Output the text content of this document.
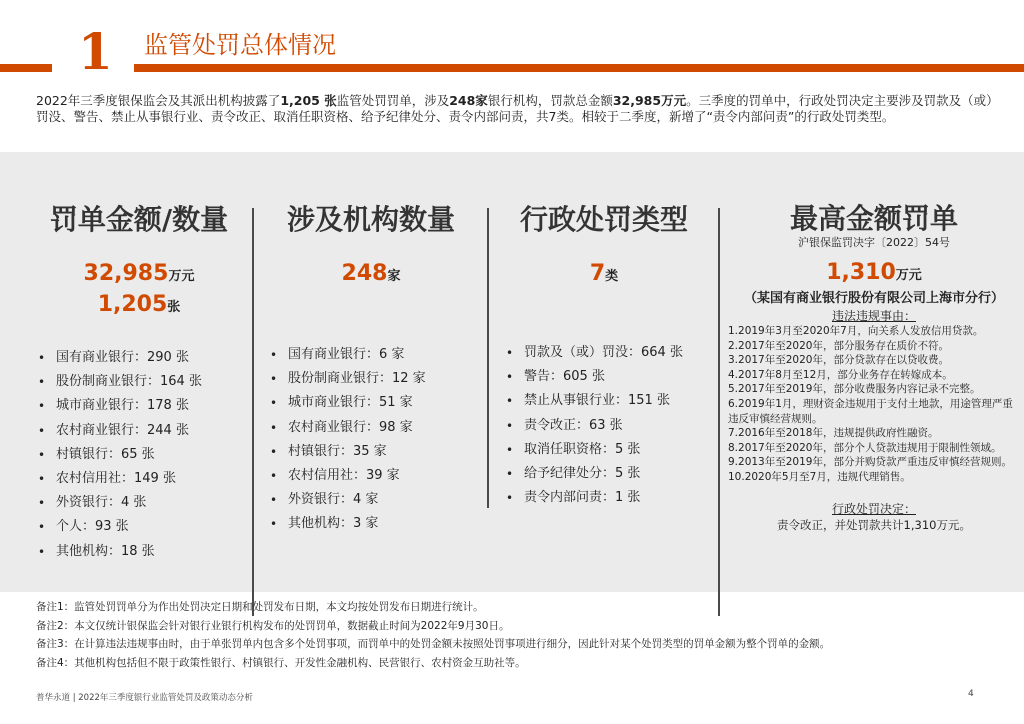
1 监管处罚总体情况
2022年三季度银保监会及其派出机构披露了1,205 张监管处罚罚单，涉及248家银行机构，罚款总金额32,985万元。三季度的罚单中，行政处罚决定主要涉及罚款及（或）罚没、警告、禁止从事银行业、责令改正、取消任职资格、给予纪律处分、责令内部问责，共7类。相较于二季度，新增了“责令内部问责”的行政处罚类型。
罚单金额/数量
32,985万元
1,205张
• 国有商业银行：290 张
• 股份制商业银行：164 张
• 城市商业银行：178 张
• 农村商业银行：244 张
• 村镇银行：65 张
• 农村信用社：149 张
• 外资银行：4 张
• 个人：93 张
• 其他机构：18 张
涉及机构数量
248家
• 国有商业银行：6 家
• 股份制商业银行：12 家
• 城市商业银行：51 家
• 农村商业银行：98 家
• 村镇银行：35 家
• 农村信用社：39 家
• 外资银行：4 家
• 其他机构：3 家
行政处罚类型
7类
• 罚款及（或）罚没：664 张
• 警告：605 张
• 禁止从事银行业：151 张
• 责令改正：63 张
• 取消任职资格：5 张
• 给予纪律处分：5 张
• 责令内部问责：1 张
最高金额罚单
沪银保监罚决字〔2022〕54号
1,310万元
（某国有商业银行股份有限公司上海市分行）
违法违规事由：
1.2019年3月至2020年7月，向关系人发放信用贷款。
2.2017年至2020年，部分服务存在质价不符。
3.2017年至2020年，部分贷款存在以贷收费。
4.2017年8月至12月，部分业务存在转嫁成本。
5.2017年至2019年，部分收费服务内容记录不完整。
6.2019年1月，理财资金违规用于支付土地款，用途管理严重违反审慎经营规则。
7.2016年至2018年，违规提供政府性融资。
8.2017年至2020年，部分个人贷款违规用于限制性领域。
9.2013年至2019年，部分并购贷款严重违反审慎经营规则。
10.2020年5月至7月，违规代理销售。
行政处罚决定：
责令改正，并处罚款共计1,310万元。
备注1：监管处罚罚单分为作出处罚决定日期和处罚发布日期，本文均按处罚发布日期进行统计。
备注2：本文仅统计银保监会针对银行业银行机构发布的处罚罚单，数据截止时间为2022年9月30日。
备注3：在计算违法违规事由时，由于单张罚单内包含多个处罚事项，而罚单中的处罚金额未按照处罚事项进行细分，因此针对某个处罚类型的罚单金额为整个罚单的金额。
备注4：其他机构包括但不限于政策性银行、村镇银行、开发性金融机构、民营银行、农村资金互助社等。
普华永道 | 2022年三季度银行业监管处罚及政策动态分析	4
